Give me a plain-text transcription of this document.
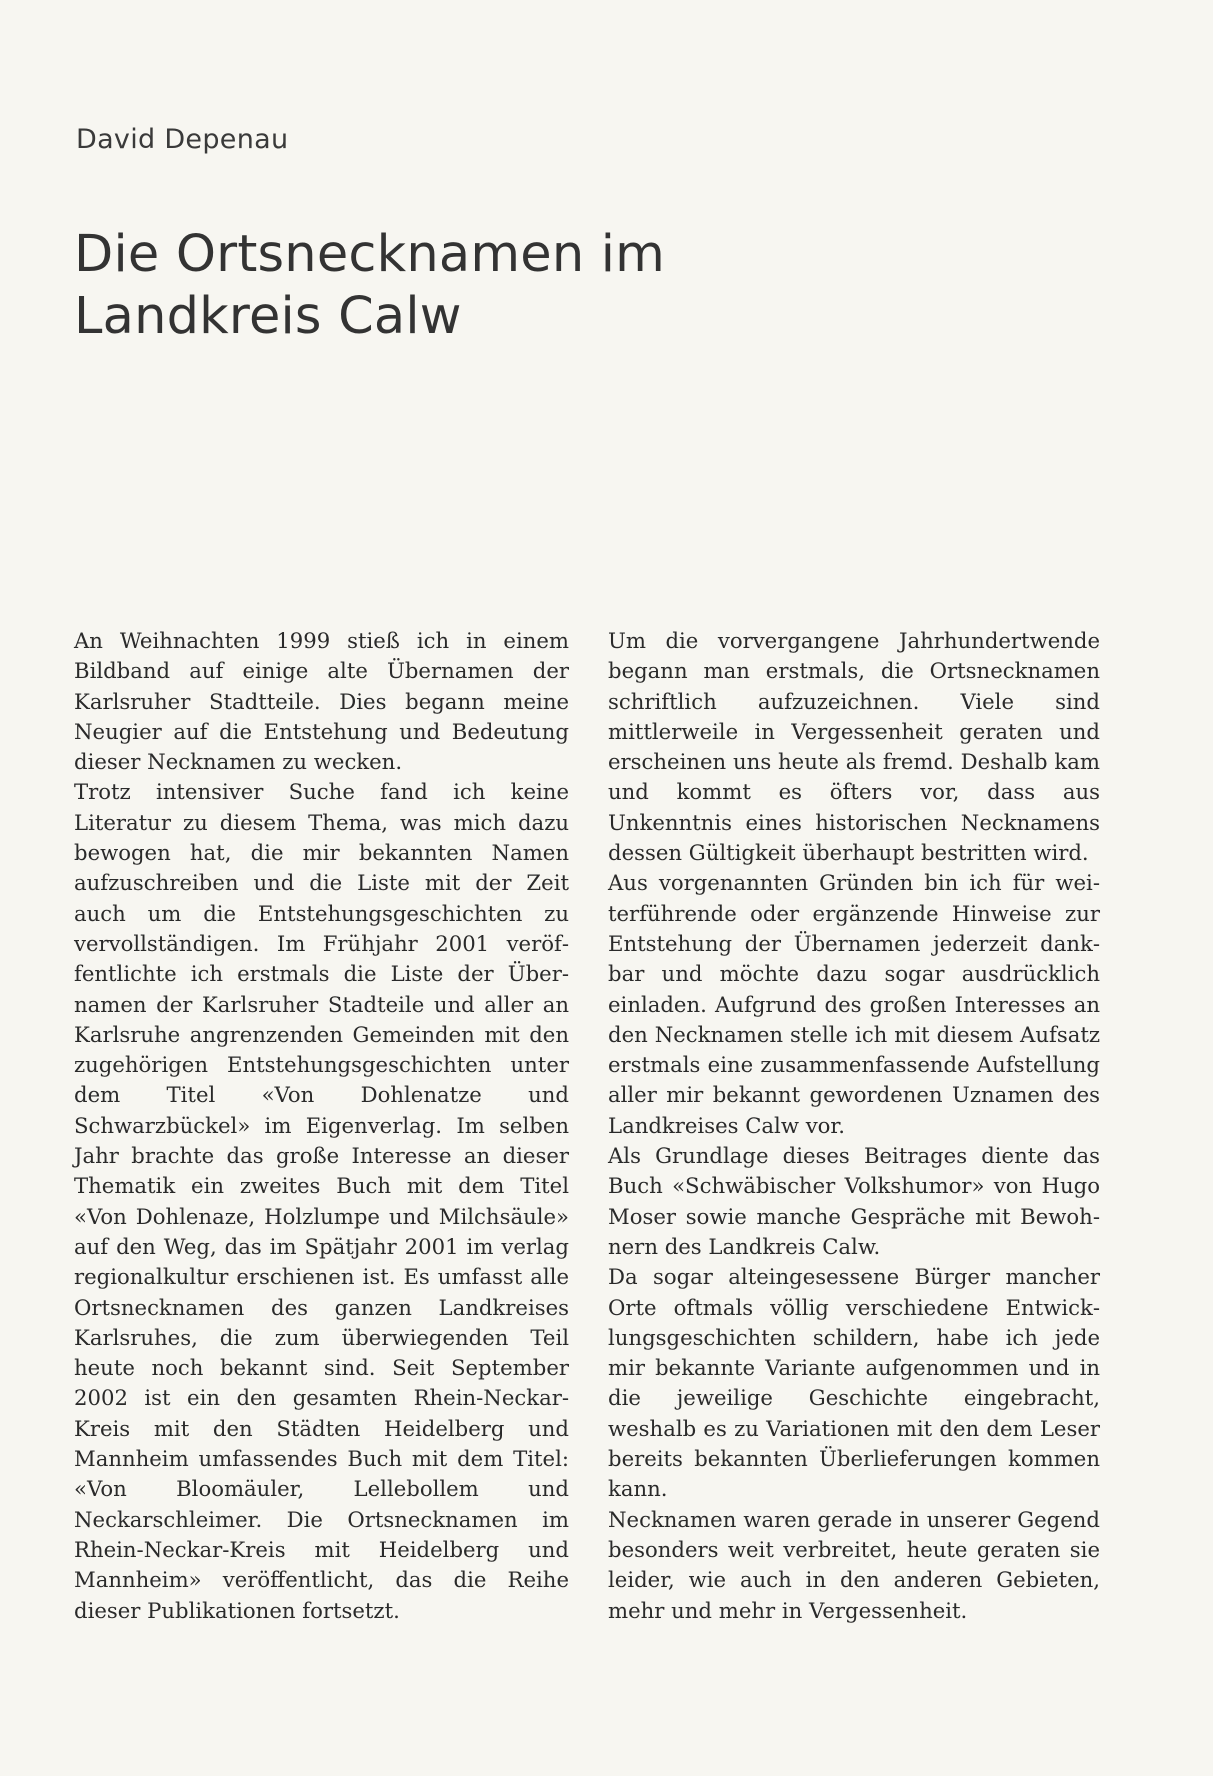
David Depenau
Die Ortsnecknamen im
Landkreis Calw

An Weihnachten 1999 stieß ich in einem Bildband auf einige alte Übernamen der Karlsruher Stadtteile. Dies begann meine Neugier auf die Entstehung und Bedeutung dieser Necknamen zu wecken.

Trotz intensiver Suche fand ich keine Literatur zu diesem Thema, was mich dazu bewogen hat, die mir bekannten Namen aufzuschreiben und die Liste mit der Zeit auch um die Entstehungsgeschichten zu vervollständigen. Im Frühjahr 2001 veröffentlichte ich erstmals die Liste der Übernamen der Karlsruher Stadteile und aller an Karlsruhe angrenzenden Gemeinden mit den zugehörigen Entstehungsgeschichten unter dem Titel «Von Dohlenatze und Schwarzbückel» im Eigenverlag. Im selben Jahr brachte das große Interesse an dieser Thematik ein zweites Buch mit dem Titel «Von Dohlenaze, Holzlumpe und Milchsäule» auf den Weg, das im Spätjahr 2001 im verlag regionalkultur erschienen ist. Es umfasst alle Ortsnecknamen des ganzen Landkreises Karlsruhes, die zum überwiegenden Teil heute noch bekannt sind. Seit September 2002 ist ein den gesamten Rhein-Neckar-Kreis mit den Städten Heidelberg und Mannheim umfassendes Buch mit dem Titel: «Von Bloomäuler, Lellebollem und Neckarschleimer. Die Ortsnecknamen im Rhein-Neckar-Kreis mit Heidelberg und Mannheim» veröffentlicht, das die Reihe dieser Publikationen fortsetzt.

Um die vorvergangene Jahrhundertwende begann man erstmals, die Ortsnecknamen schriftlich aufzuzeichnen. Viele sind mittlerweile in Vergessenheit geraten und erscheinen uns heute als fremd. Deshalb kam und kommt es öfters vor, dass aus Unkenntnis eines historischen Necknamens dessen Gültigkeit überhaupt bestritten wird.

Aus vorgenannten Gründen bin ich für weiterführende oder ergänzende Hinweise zur Entstehung der Übernamen jederzeit dankbar und möchte dazu sogar ausdrücklich einladen. Aufgrund des großen Interesses an den Necknamen stelle ich mit diesem Aufsatz erstmals eine zusammenfassende Aufstellung aller mir bekannt gewordenen Uznamen des Landkreises Calw vor.

Als Grundlage dieses Beitrages diente das Buch «Schwäbischer Volkshumor» von Hugo Moser sowie manche Gespräche mit Bewohnern des Landkreis Calw.

Da sogar alteingesessene Bürger mancher Orte oftmals völlig verschiedene Entwicklungsgeschichten schildern, habe ich jede mir bekannte Variante aufgenommen und in die jeweilige Geschichte eingebracht, weshalb es zu Variationen mit den dem Leser bereits bekannten Überlieferungen kommen kann.

Necknamen waren gerade in unserer Gegend besonders weit verbreitet, heute geraten sie leider, wie auch in den anderen Gebieten, mehr und mehr in Vergessenheit.
